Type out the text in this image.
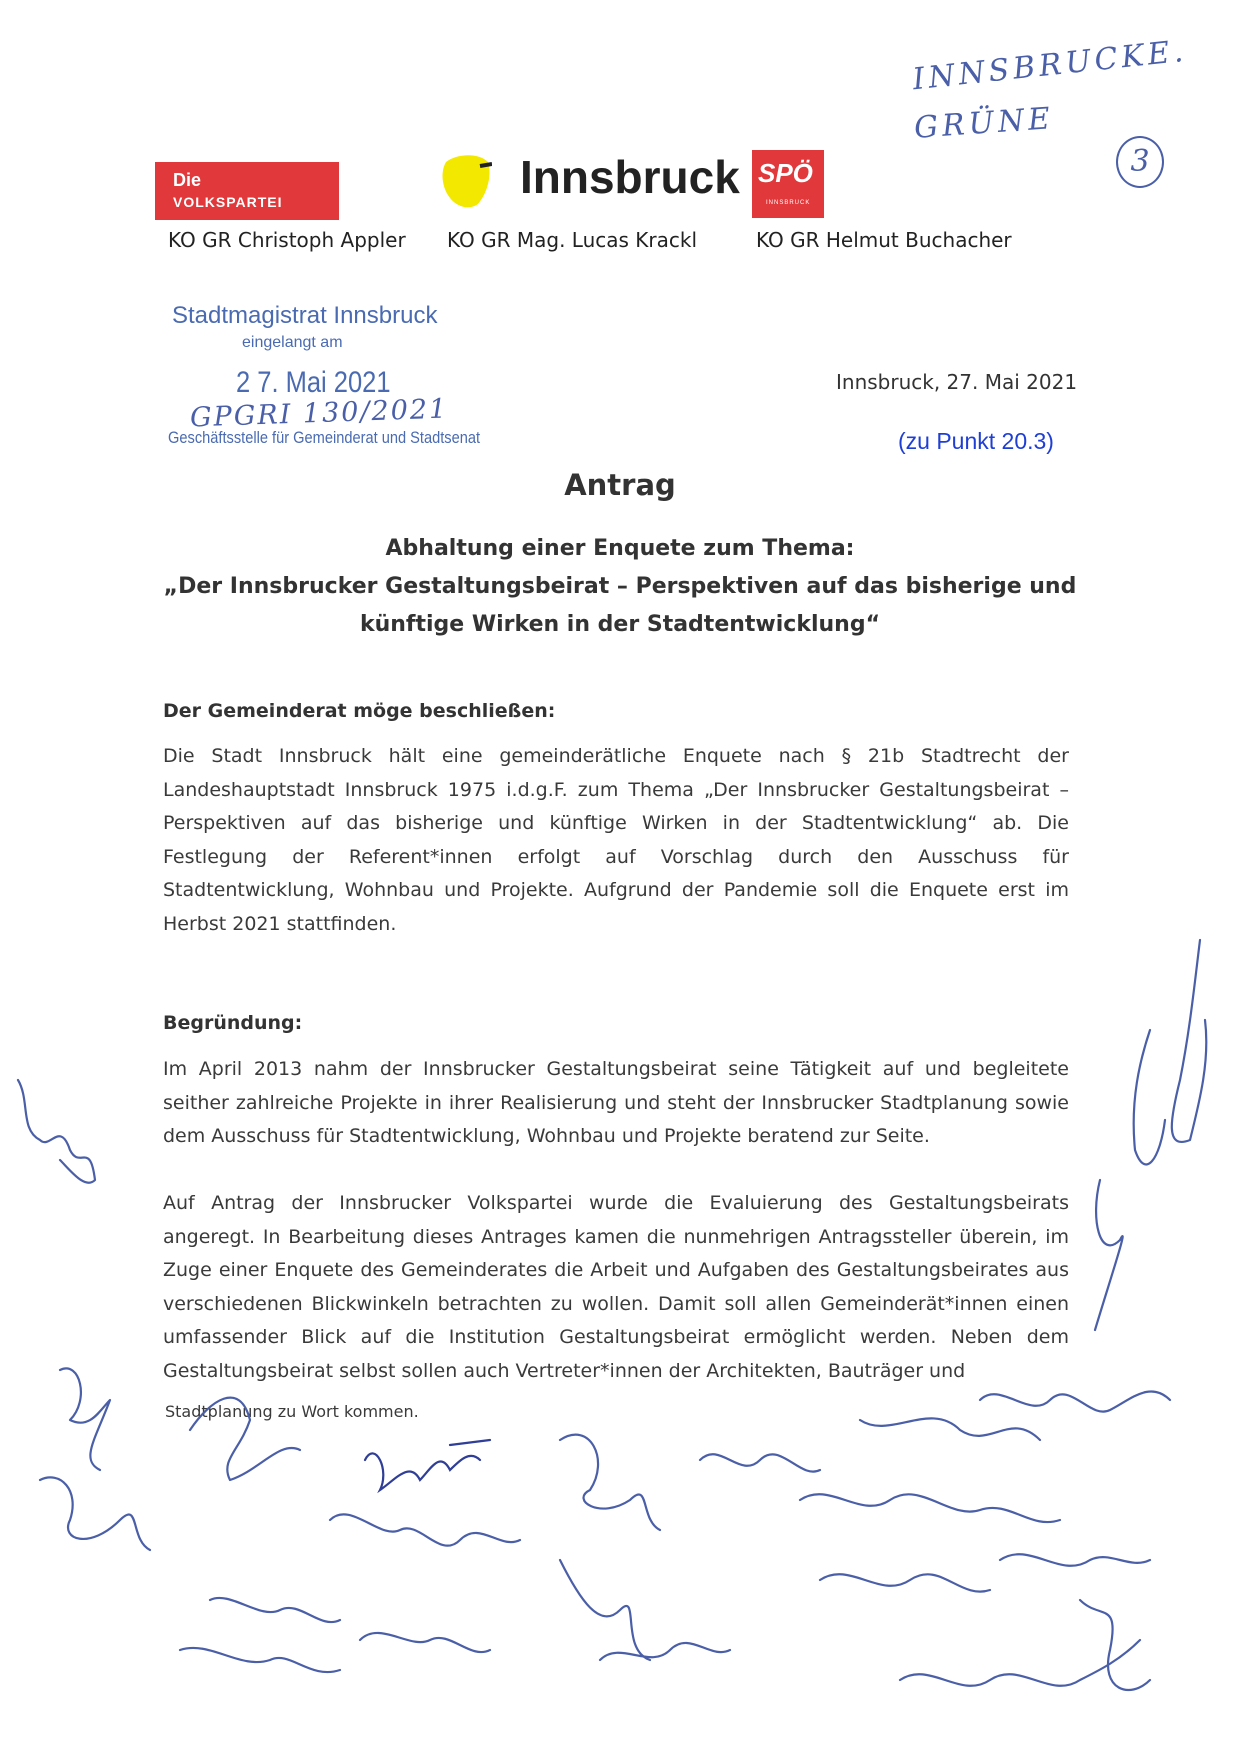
INNSBRUCKE.
GRÜNE
3
Die
VOLKSPARTEI	Innsbruck SPÖ
INNSBRUCK
KO GR Christoph Appler KO GR Mag. Lucas Krackl	KO GR Helmut Buchacher
Stadtmagistrat Innsbruck
eingelangt am
2 7. Mai 2021
GPGRI 130/2021
Geschäftsstelle für Gemeinderat und Stadtsenat
Innsbruck, 27. Mai 2021
(zu Punkt 20.3)
Antrag
Abhaltung einer Enquete zum Thema:
„Der Innsbrucker Gestaltungsbeirat – Perspektiven auf das bisherige und
künftige Wirken in der Stadtentwicklung“
Der Gemeinderat möge beschließen:
Die Stadt Innsbruck hält eine gemeinderätliche Enquete nach § 21b Stadtrecht der Landeshauptstadt Innsbruck 1975 i.d.g.F. zum Thema „Der Innsbrucker Gestaltungsbeirat – Perspektiven auf das bisherige und künftige Wirken in der Stadtentwicklung“ ab. Die Festlegung der Referent*innen erfolgt auf Vorschlag durch den Ausschuss für Stadtentwicklung, Wohnbau und Projekte. Aufgrund der Pandemie soll die Enquete erst im Herbst 2021 stattfinden.
Begründung:
Im April 2013 nahm der Innsbrucker Gestaltungsbeirat seine Tätigkeit auf und begleitete seither zahlreiche Projekte in ihrer Realisierung und steht der Innsbrucker Stadtplanung sowie dem Ausschuss für Stadtentwicklung, Wohnbau und Projekte beratend zur Seite.
Auf Antrag der Innsbrucker Volkspartei wurde die Evaluierung des Gestaltungsbeirats angeregt. In Bearbeitung dieses Antrages kamen die nunmehrigen Antragssteller überein, im Zuge einer Enquete des Gemeinderates die Arbeit und Aufgaben des Gestaltungsbeirates aus verschiedenen Blickwinkeln betrachten zu wollen. Damit soll allen Gemeinderät*innen einen umfassender Blick auf die Institution Gestaltungsbeirat ermöglicht werden. Neben dem Gestaltungsbeirat selbst sollen auch Vertreter*innen der Architekten, Bauträger und
Stadtplanung zu Wort kommen.
